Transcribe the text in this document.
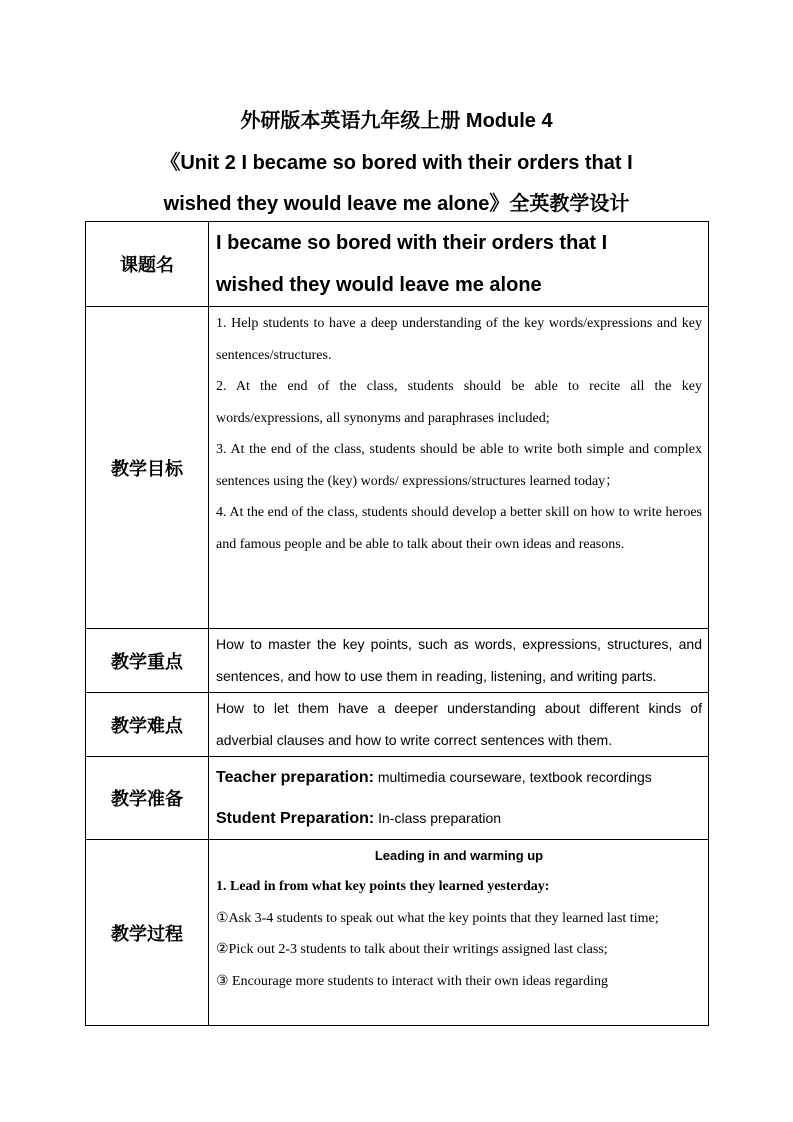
外研版本英语九年级上册 Module 4
《Unit 2 I became so bored with their orders that I
wished they would leave me alone》全英教学设计
课题名	I became so bored with their orders that I

wished they would leave me alone

教学目标	1. Help students to have a deep understanding of the key words/expressions and key sentences/structures.

2. At the end of the class, students should be able to recite all the key words/expressions, all synonyms and paraphrases included;

3. At the end of the class, students should be able to write both simple and complex sentences using the (key) words/ expressions/structures learned today；

4. At the end of the class, students should develop a better skill on how to write heroes and famous people and be able to talk about their own ideas and reasons.

教学重点	How to master the key points, such as words, expressions, structures, and sentences, and how to use them in reading, listening, and writing parts.

教学难点	How to let them have a deeper understanding about different kinds of adverbial clauses and how to write correct sentences with them.

教学准备	Teacher preparation: multimedia courseware, textbook recordings

Student Preparation: In-class preparation

教学过程	Leading in and warming up

1. Lead in from what key points they learned yesterday:

①Ask 3-4 students to speak out what the key points that they learned last time;

②Pick out 2-3 students to talk about their writings assigned last class;

③ Encourage more students to interact with their own ideas regarding
